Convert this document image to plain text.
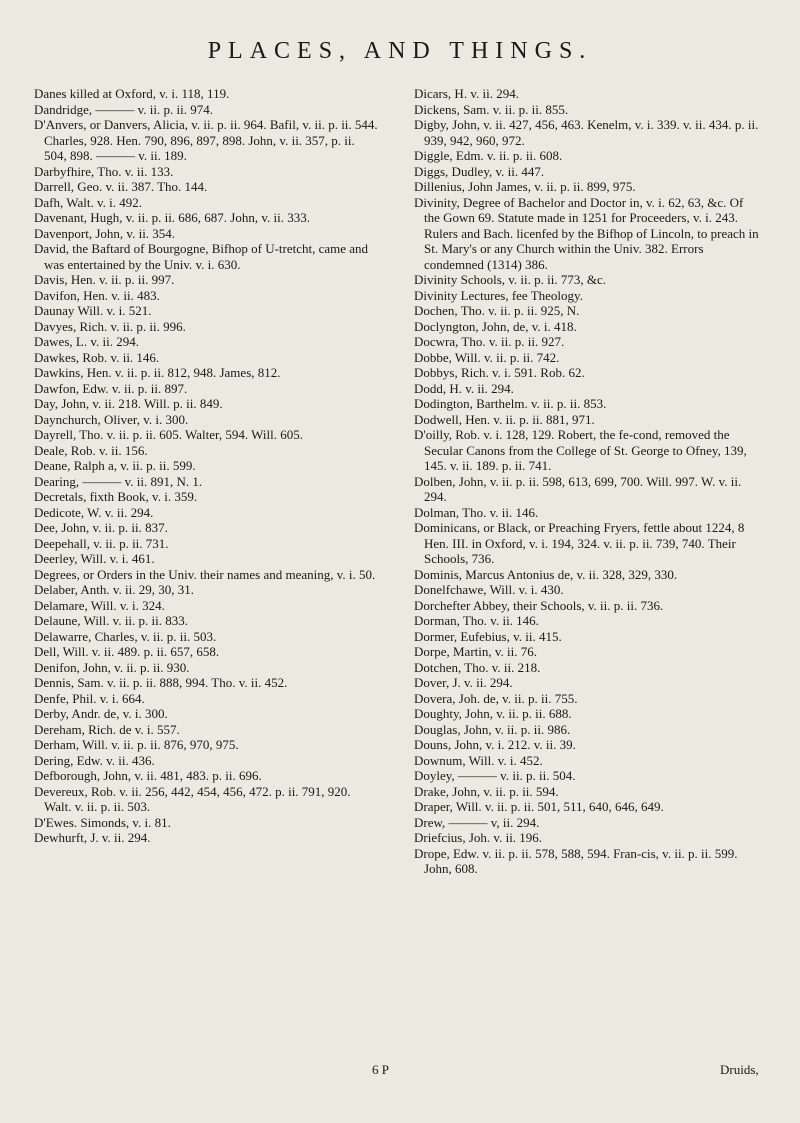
PLACES, AND THINGS.

Danes killed at Oxford, v. i. 118, 119.

Dandridge, ——— v. ii. p. ii. 974.

D'Anvers, or Danvers, Alicia, v. ii. p. ii. 964. Bafil, v. ii. p. ii. 544. Charles, 928. Hen. 790, 896, 897, 898. John, v. ii. 357, p. ii. 504, 898. ——— v. ii. 189.

Darbyfhire, Tho. v. ii. 133.

Darrell, Geo. v. ii. 387. Tho. 144.

Dafh, Walt. v. i. 492.

Davenant, Hugh, v. ii. p. ii. 686, 687. John, v. ii. 333.

Davenport, John, v. ii. 354.

David, the Baftard of Bourgogne, Bifhop of U-tretcht, came and was entertained by the Univ. v. i. 630.

Davis, Hen. v. ii. p. ii. 997.

Davifon, Hen. v. ii. 483.

Daunay Will. v. i. 521.

Davyes, Rich. v. ii. p. ii. 996.

Dawes, L. v. ii. 294.

Dawkes, Rob. v. ii. 146.

Dawkins, Hen. v. ii. p. ii. 812, 948. James, 812.

Dawfon, Edw. v. ii. p. ii. 897.

Day, John, v. ii. 218. Will. p. ii. 849.

Daynchurch, Oliver, v. i. 300.

Dayrell, Tho. v. ii. p. ii. 605. Walter, 594. Will. 605.

Deale, Rob. v. ii. 156.

Deane, Ralph a, v. ii. p. ii. 599.

Dearing, ——— v. ii. 891, N. 1.

Decretals, fixth Book, v. i. 359.

Dedicote, W. v. ii. 294.

Dee, John, v. ii. p. ii. 837.

Deepehall, v. ii. p. ii. 731.

Deerley, Will. v. i. 461.

Degrees, or Orders in the Univ. their names and meaning, v. i. 50.

Delaber, Anth. v. ii. 29, 30, 31.

Delamare, Will. v. i. 324.

Delaune, Will. v. ii. p. ii. 833.

Delawarre, Charles, v. ii. p. ii. 503.

Dell, Will. v. ii. 489. p. ii. 657, 658.

Denifon, John, v. ii. p. ii. 930.

Dennis, Sam. v. ii. p. ii. 888, 994. Tho. v. ii. 452.

Denfe, Phil. v. i. 664.

Derby, Andr. de, v. i. 300.

Dereham, Rich. de v. i. 557.

Derham, Will. v. ii. p. ii. 876, 970, 975.

Dering, Edw. v. ii. 436.

Defborough, John, v. ii. 481, 483. p. ii. 696.

Devereux, Rob. v. ii. 256, 442, 454, 456, 472. p. ii. 791, 920. Walt. v. ii. p. ii. 503.

D'Ewes. Simonds, v. i. 81.

Dewhurft, J. v. ii. 294.

Dicars, H. v. ii. 294.

Dickens, Sam. v. ii. p. ii. 855.

Digby, John, v. ii. 427, 456, 463. Kenelm, v. i. 339. v. ii. 434. p. ii. 939, 942, 960, 972.

Diggle, Edm. v. ii. p. ii. 608.

Diggs, Dudley, v. ii. 447.

Dillenius, John James, v. ii. p. ii. 899, 975.

Divinity, Degree of Bachelor and Doctor in, v. i. 62, 63, &c. Of the Gown 69. Statute made in 1251 for Proceeders, v. i. 243. Rulers and Bach. licenfed by the Bifhop of Lincoln, to preach in St. Mary's or any Church within the Univ. 382. Errors condemned (1314) 386.

Divinity Schools, v. ii. p. ii. 773, &c.

Divinity Lectures, fee Theology.

Dochen, Tho. v. ii. p. ii. 925, N.

Doclyngton, John, de, v. i. 418.

Docwra, Tho. v. ii. p. ii. 927.

Dobbe, Will. v. ii. p. ii. 742.

Dobbys, Rich. v. i. 591. Rob. 62.

Dodd, H. v. ii. 294.

Dodington, Barthelm. v. ii. p. ii. 853.

Dodwell, Hen. v. ii. p. ii. 881, 971.

D'oilly, Rob. v. i. 128, 129. Robert, the fe-cond, removed the Secular Canons from the College of St. George to Ofney, 139, 145. v. ii. 189. p. ii. 741.

Dolben, John, v. ii. p. ii. 598, 613, 699, 700. Will. 997. W. v. ii. 294.

Dolman, Tho. v. ii. 146.

Dominicans, or Black, or Preaching Fryers, fettle about 1224, 8 Hen. III. in Oxford, v. i. 194, 324. v. ii. p. ii. 739, 740. Their Schools, 736.

Dominis, Marcus Antonius de, v. ii. 328, 329, 330.

Donelfchawe, Will. v. i. 430.

Dorchefter Abbey, their Schools, v. ii. p. ii. 736.

Dorman, Tho. v. ii. 146.

Dormer, Eufebius, v. ii. 415.

Dorpe, Martin, v. ii. 76.

Dotchen, Tho. v. ii. 218.

Dover, J. v. ii. 294.

Dovera, Joh. de, v. ii. p. ii. 755.

Doughty, John, v. ii. p. ii. 688.

Douglas, John, v. ii. p. ii. 986.

Douns, John, v. i. 212. v. ii. 39.

Downum, Will. v. i. 452.

Doyley, ——— v. ii. p. ii. 504.

Drake, John, v. ii. p. ii. 594.

Draper, Will. v. ii. p. ii. 501, 511, 640, 646, 649.

Drew, ——— v, ii. 294.

Driefcius, Joh. v. ii. 196.

Drope, Edw. v. ii. p. ii. 578, 588, 594. Fran-cis, v. ii. p. ii. 599. John, 608.

6 P	Druids,
